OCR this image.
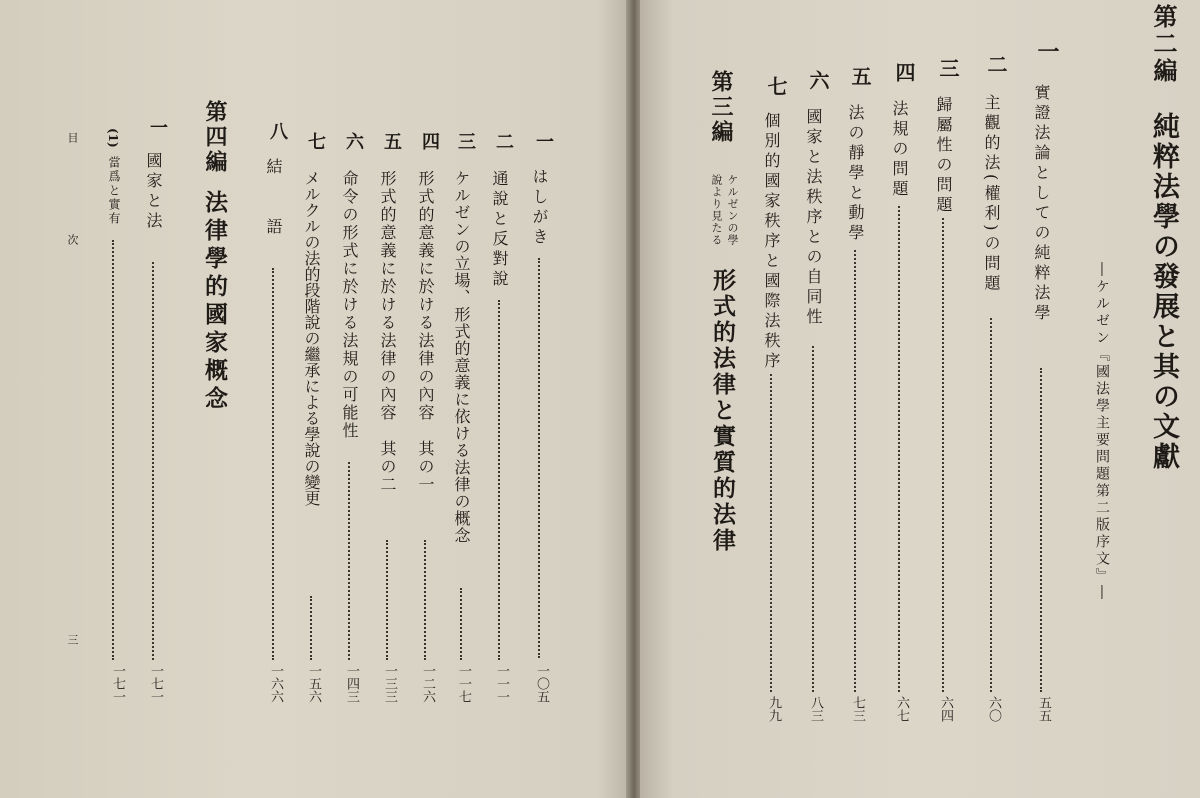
一
はしがき
一〇五
二
通說と反對說
一一一
三
ケルゼンの立場、形式的意義に依ける法律の概念
一一七
四
形式的意義に於ける法律の內容　其の一
一二六
五
形式的意義に於ける法律の內容　其の二
一三三
六
命令の形式に於ける法規の可能性
一四三
七
メルクルの法的段階說の繼承による學說の變更
一五六
八
結　　語
一六六
第四編
法律學的國家概念
一
國家と法
一七一
(1)
當爲と實有
一七一
目　次
三
第二編
純粹法學の發展と其の文獻
―ケルゼン『國法學主要問題第二版序文』―
一
實證法論としての純粹法學
五五
二
主觀的法(權利)の問題
六〇
三
歸屬性の問題
六四
四
法規の問題
六七
五
法の靜學と動學
七三
六
國家と法秩序との自同性
八三
七
個別的國家秩序と國際法秩序
九九
第三編
ケルゼンの學
說より見たる
形式的法律と實質的法律
